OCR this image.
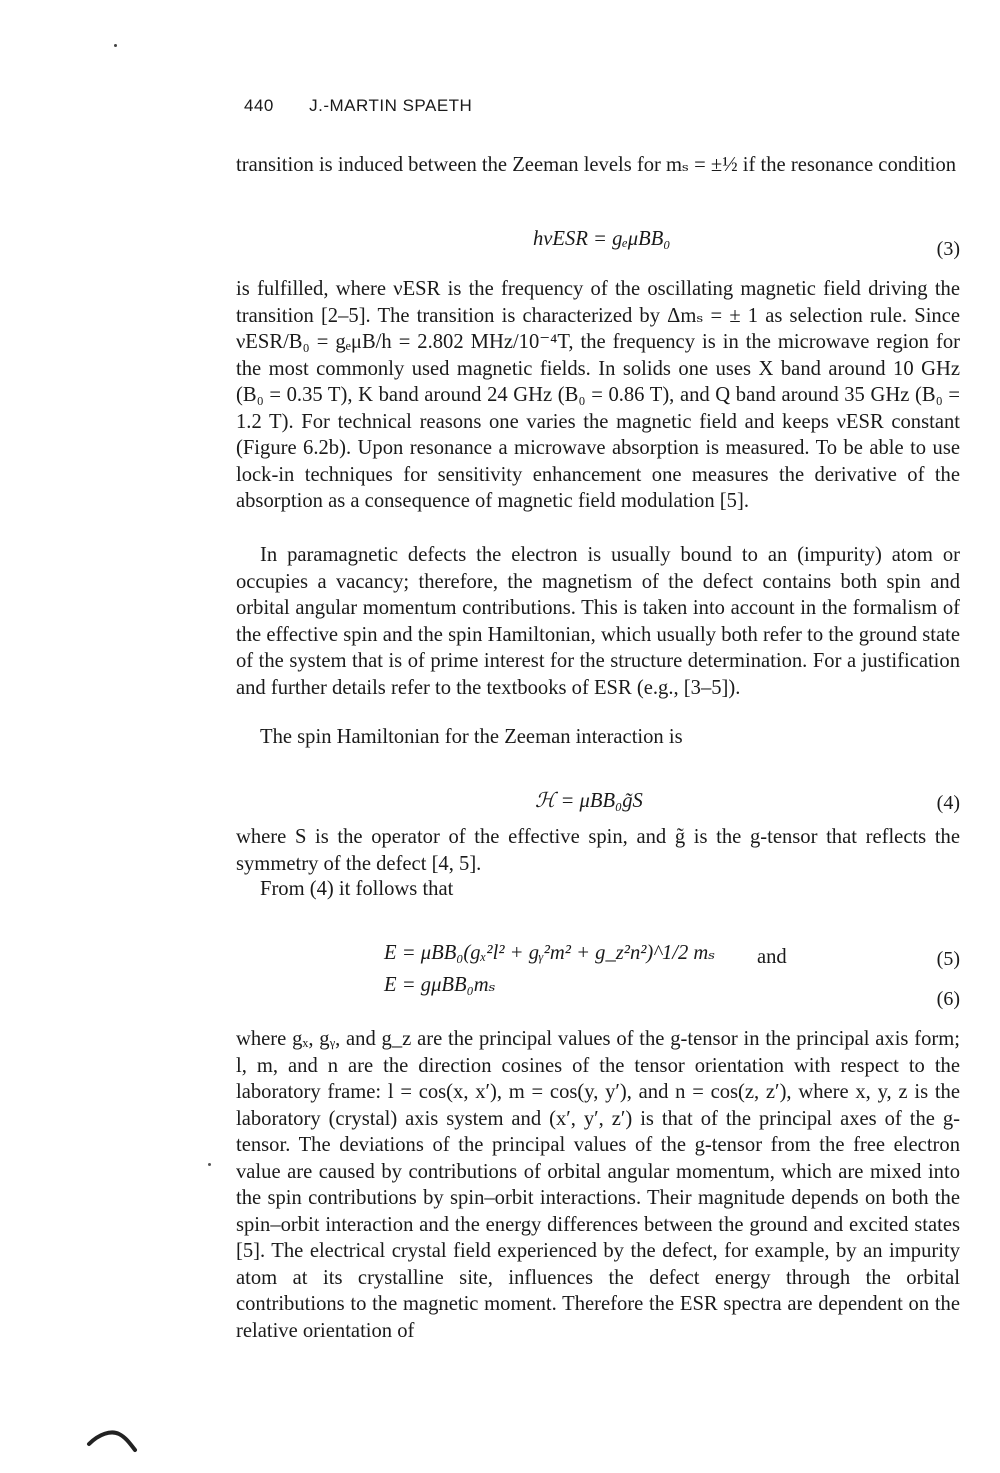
440 J.-MARTIN SPAETH

transition is induced between the Zeeman levels for mₛ = ±½ if the resonance condition

hνESR = gₑμBB₀	(3)

is fulfilled, where νESR is the frequency of the oscillating magnetic field driving the transition [2–5]. The transition is characterized by Δmₛ = ± 1 as selection rule. Since νESR/B₀ = gₑμB/h = 2.802 MHz/10⁻⁴T, the frequency is in the microwave region for the most commonly used magnetic fields. In solids one uses X band around 10 GHz (B₀ = 0.35 T), K band around 24 GHz (B₀ = 0.86 T), and Q band around 35 GHz (B₀ = 1.2 T). For technical reasons one varies the magnetic field and keeps νESR constant (Figure 6.2b). Upon resonance a microwave absorption is measured. To be able to use lock-in techniques for sensitivity enhancement one measures the derivative of the absorption as a consequence of magnetic field modulation [5].

In paramagnetic defects the electron is usually bound to an (impurity) atom or occupies a vacancy; therefore, the magnetism of the defect contains both spin and orbital angular momentum contributions. This is taken into account in the formalism of the effective spin and the spin Hamiltonian, which usually both refer to the ground state of the system that is of prime interest for the structure determination. For a justification and further details refer to the textbooks of ESR (e.g., [3–5]).

The spin Hamiltonian for the Zeeman interaction is

ℋ = μBB₀g̃S	(4)

where S is the operator of the effective spin, and g̃ is the g-tensor that reflects the symmetry of the defect [4, 5].

From (4) it follows that

E = μBB₀(gₓ²l² + gᵧ²m² + g_z²n²)^1/2 mₛ and	(5)
E = gμBB₀mₛ
(6)

where gₓ, gᵧ, and g_z are the principal values of the g-tensor in the principal axis form; l, m, and n are the direction cosines of the tensor orientation with respect to the laboratory frame: l = cos(x, x′), m = cos(y, y′), and n = cos(z, z′), where x, y, z is the laboratory (crystal) axis system and (x′, y′, z′) is that of the principal axes of the g-tensor. The deviations of the principal values of the g-tensor from the free electron value are caused by contributions of orbital angular momentum, which are mixed into the spin contributions by spin–orbit interactions. Their magnitude depends on both the spin–orbit interaction and the energy differences between the ground and excited states [5]. The electrical crystal field experienced by the defect, for example, by an impurity atom at its crystalline site, influences the defect energy through the orbital contributions to the magnetic moment. Therefore the ESR spectra are dependent on the relative orientation of
